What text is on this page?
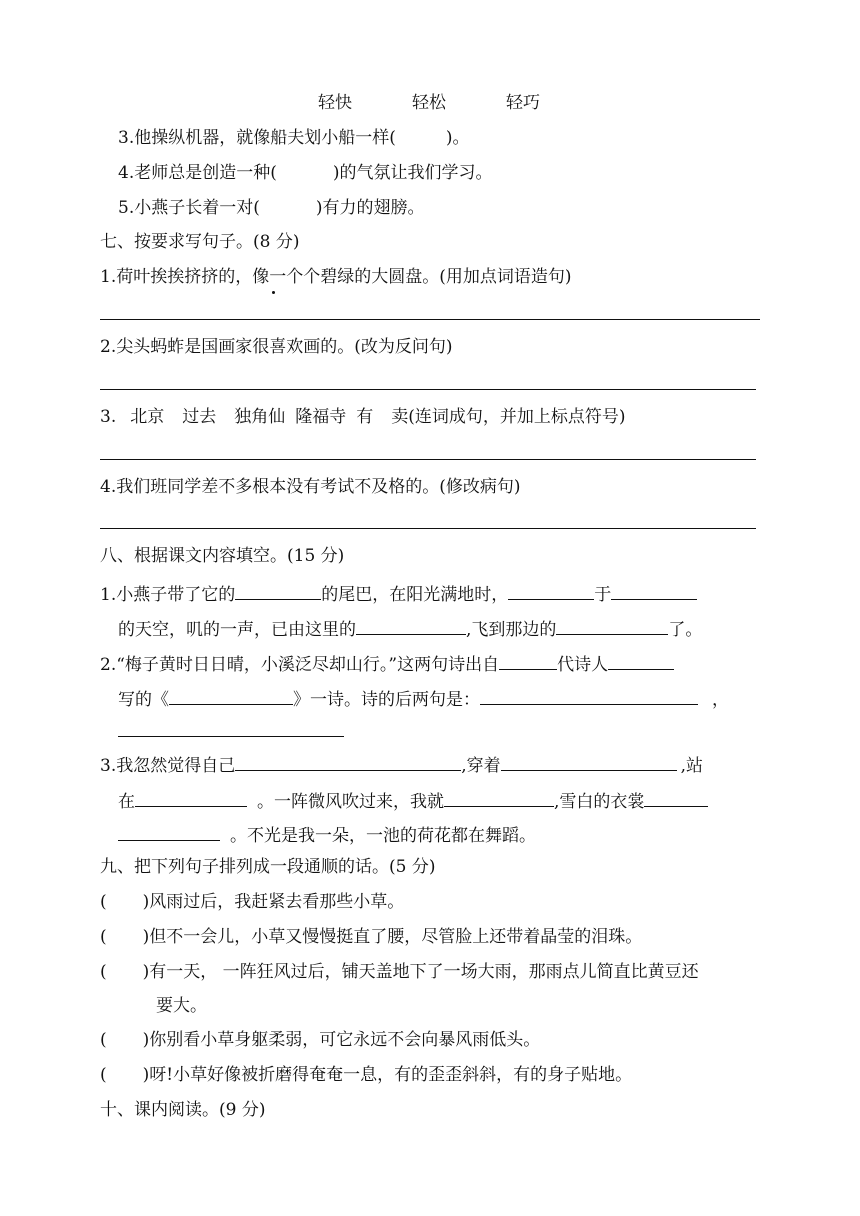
轻快	轻松	轻巧
3.他操纵机器，就像船夫划小船一样(	)。
4.老师总是创造一种(	)的气氛让我们学习。
5.小燕子长着一对(	)有力的翅膀。
七、按要求写句子。(8 分)
1.荷叶挨挨挤挤的，像一个个碧绿的大圆盘。(用加点词语造句)
2.尖头蚂蚱是国画家很喜欢画的。(改为反问句)
3. 北京 过去 独角仙 隆福寺 有 卖(连词成句，并加上标点符号)
4.我们班同学差不多根本没有考试不及格的。(修改病句)
八、根据课文内容填空。(15 分)
1.小燕子带了它的	的尾巴，在阳光满地时，	于
的天空，叽的一声，已由这里的	,飞到那边的	了。
2.“梅子黄时日日晴，小溪泛尽却山行。”这两句诗出自	代诗人
写的《	》一诗。诗的后两句是：	，
3.我忽然觉得自己	,穿着	,站
在	。一阵微风吹过来，我就	,雪白的衣裳
。不光是我一朵，一池的荷花都在舞蹈。
九、把下列句子排列成一段通顺的话。(5 分)
( )风雨过后，我赶紧去看那些小草。
( )但不一会儿，小草又慢慢挺直了腰，尽管脸上还带着晶莹的泪珠。
( )有一天， 一阵狂风过后，铺天盖地下了一场大雨，那雨点儿简直比黄豆还
要大。
( )你别看小草身躯柔弱，可它永远不会向暴风雨低头。
( )呀!小草好像被折磨得奄奄一息，有的歪歪斜斜，有的身子贴地。
十、课内阅读。(9 分)
